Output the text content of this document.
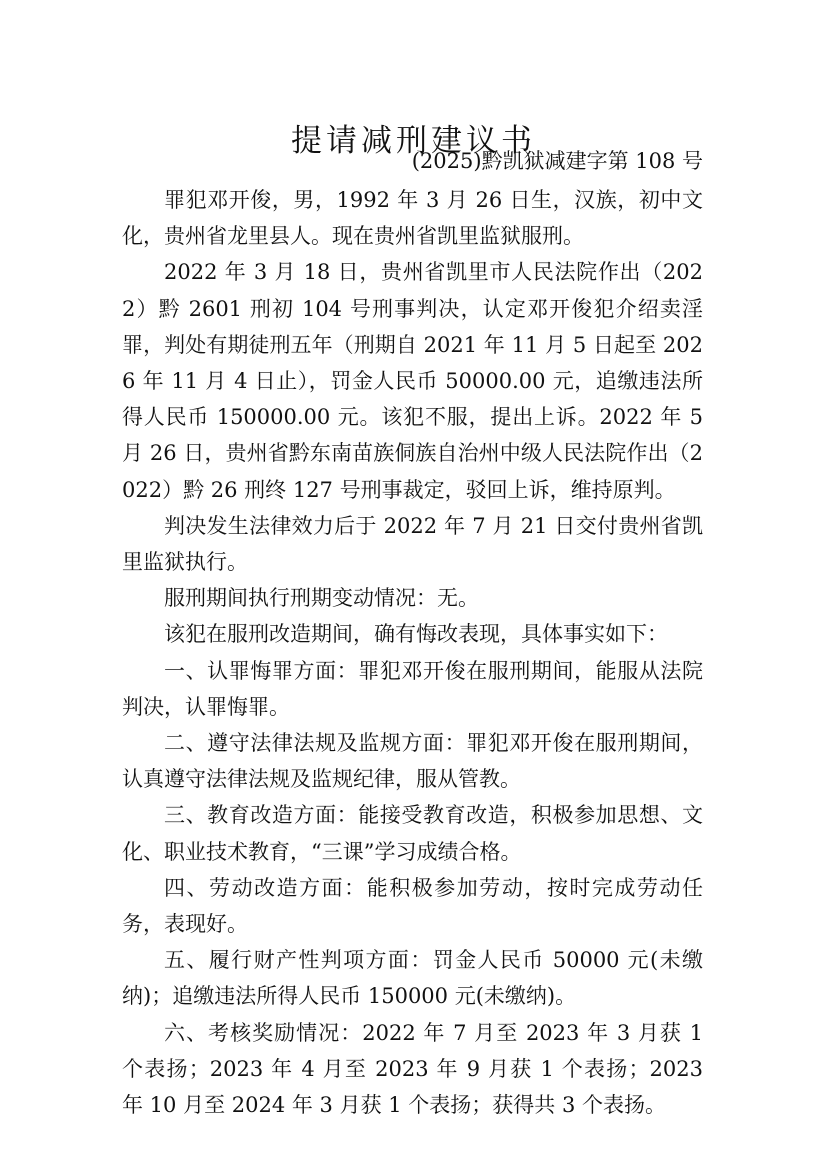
提请减刑建议书
(2025)黔凯狱减建字第 108 号

罪犯邓开俊，男，1992 年 3 月 26 日生，汉族，初中文化，贵州省龙里县人。现在贵州省凯里监狱服刑。

2022 年 3 月 18 日，贵州省凯里市人民法院作出（2022）黔 2601 刑初 104 号刑事判决，认定邓开俊犯介绍卖淫罪，判处有期徒刑五年（刑期自 2021 年 11 月 5 日起至 2026 年 11 月 4 日止），罚金人民币 50000.00 元，追缴违法所得人民币 150000.00 元。该犯不服，提出上诉。2022 年 5 月 26 日，贵州省黔东南苗族侗族自治州中级人民法院作出（2022）黔 26 刑终 127 号刑事裁定，驳回上诉，维持原判。

判决发生法律效力后于 2022 年 7 月 21 日交付贵州省凯里监狱执行。

服刑期间执行刑期变动情况：无。

该犯在服刑改造期间，确有悔改表现，具体事实如下：

一、认罪悔罪方面：罪犯邓开俊在服刑期间，能服从法院判决，认罪悔罪。

二、遵守法律法规及监规方面：罪犯邓开俊在服刑期间，认真遵守法律法规及监规纪律，服从管教。

三、教育改造方面：能接受教育改造，积极参加思想、文化、职业技术教育，“三课”学习成绩合格。

四、劳动改造方面：能积极参加劳动，按时完成劳动任务，表现好。

五、履行财产性判项方面：罚金人民币 50000 元(未缴纳)；追缴违法所得人民币 150000 元(未缴纳)。

六、考核奖励情况：2022 年 7 月至 2023 年 3 月获 1 个表扬；2023 年 4 月至 2023 年 9 月获 1 个表扬；2023 年 10 月至 2024 年 3 月获 1 个表扬；获得共 3 个表扬。
